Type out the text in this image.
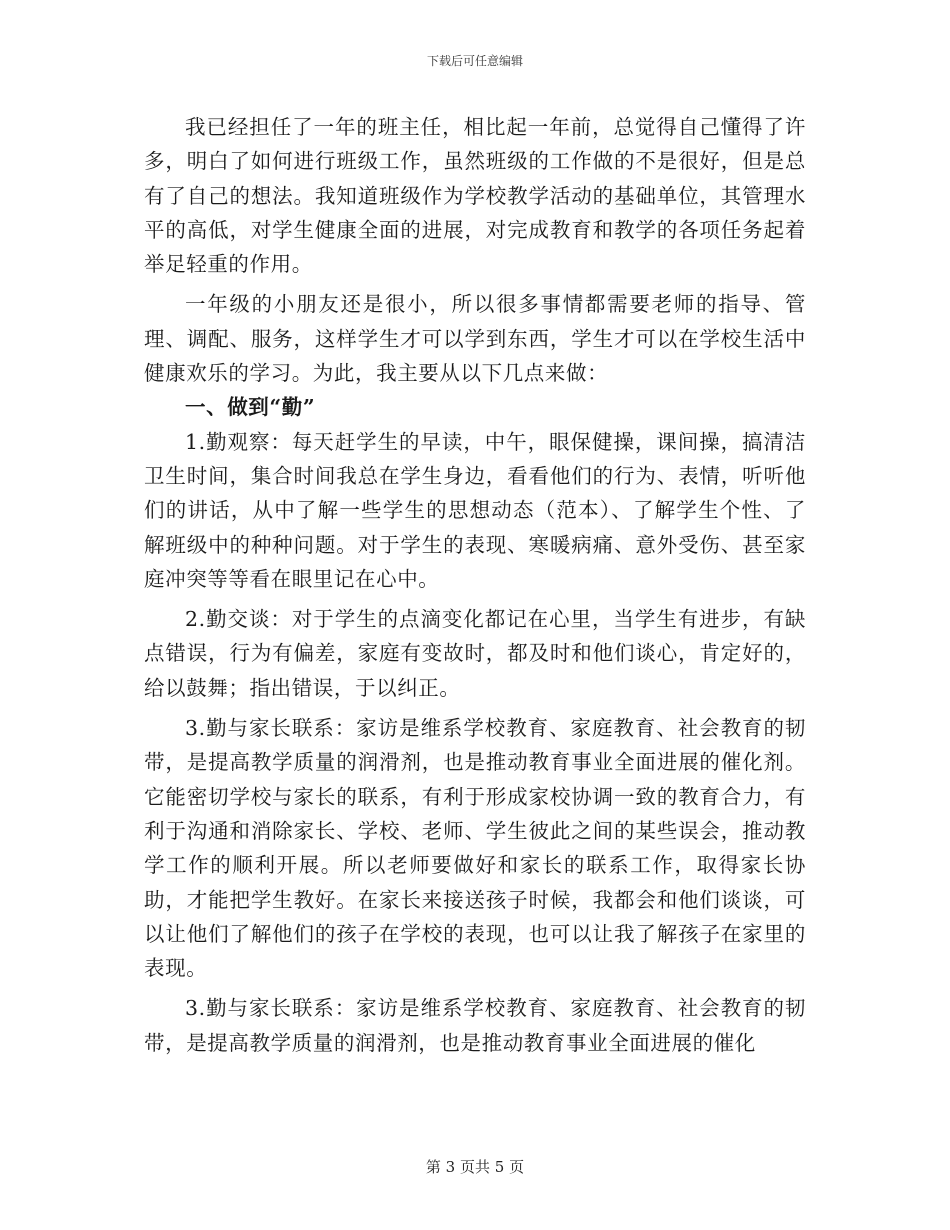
下载后可任意编辑

我已经担任了一年的班主任，相比起一年前，总觉得自己懂得了许多，明白了如何进行班级工作，虽然班级的工作做的不是很好，但是总有了自己的想法。我知道班级作为学校教学活动的基础单位，其管理水平的高低，对学生健康全面的进展，对完成教育和教学的各项任务起着举足轻重的作用。

一年级的小朋友还是很小，所以很多事情都需要老师的指导、管理、调配、服务，这样学生才可以学到东西，学生才可以在学校生活中健康欢乐的学习。为此，我主要从以下几点来做：

一、做到“勤”

1.勤观察：每天赶学生的早读，中午，眼保健操，课间操，搞清洁卫生时间，集合时间我总在学生身边，看看他们的行为、表情，听听他们的讲话，从中了解一些学生的思想动态（范本）、了解学生个性、了解班级中的种种问题。对于学生的表现、寒暖病痛、意外受伤、甚至家庭冲突等等看在眼里记在心中。

2.勤交谈：对于学生的点滴变化都记在心里，当学生有进步，有缺点错误，行为有偏差，家庭有变故时，都及时和他们谈心，肯定好的，给以鼓舞；指出错误，于以纠正。

3.勤与家长联系：家访是维系学校教育、家庭教育、社会教育的韧带，是提高教学质量的润滑剂，也是推动教育事业全面进展的催化剂。它能密切学校与家长的联系，有利于形成家校协调一致的教育合力，有利于沟通和消除家长、学校、老师、学生彼此之间的某些误会，推动教学工作的顺利开展。所以老师要做好和家长的联系工作，取得家长协助，才能把学生教好。在家长来接送孩子时候，我都会和他们谈谈，可以让他们了解他们的孩子在学校的表现，也可以让我了解孩子在家里的表现。

3.勤与家长联系：家访是维系学校教育、家庭教育、社会教育的韧带，是提高教学质量的润滑剂，也是推动教育事业全面进展的催化

第 3 页共 5 页
